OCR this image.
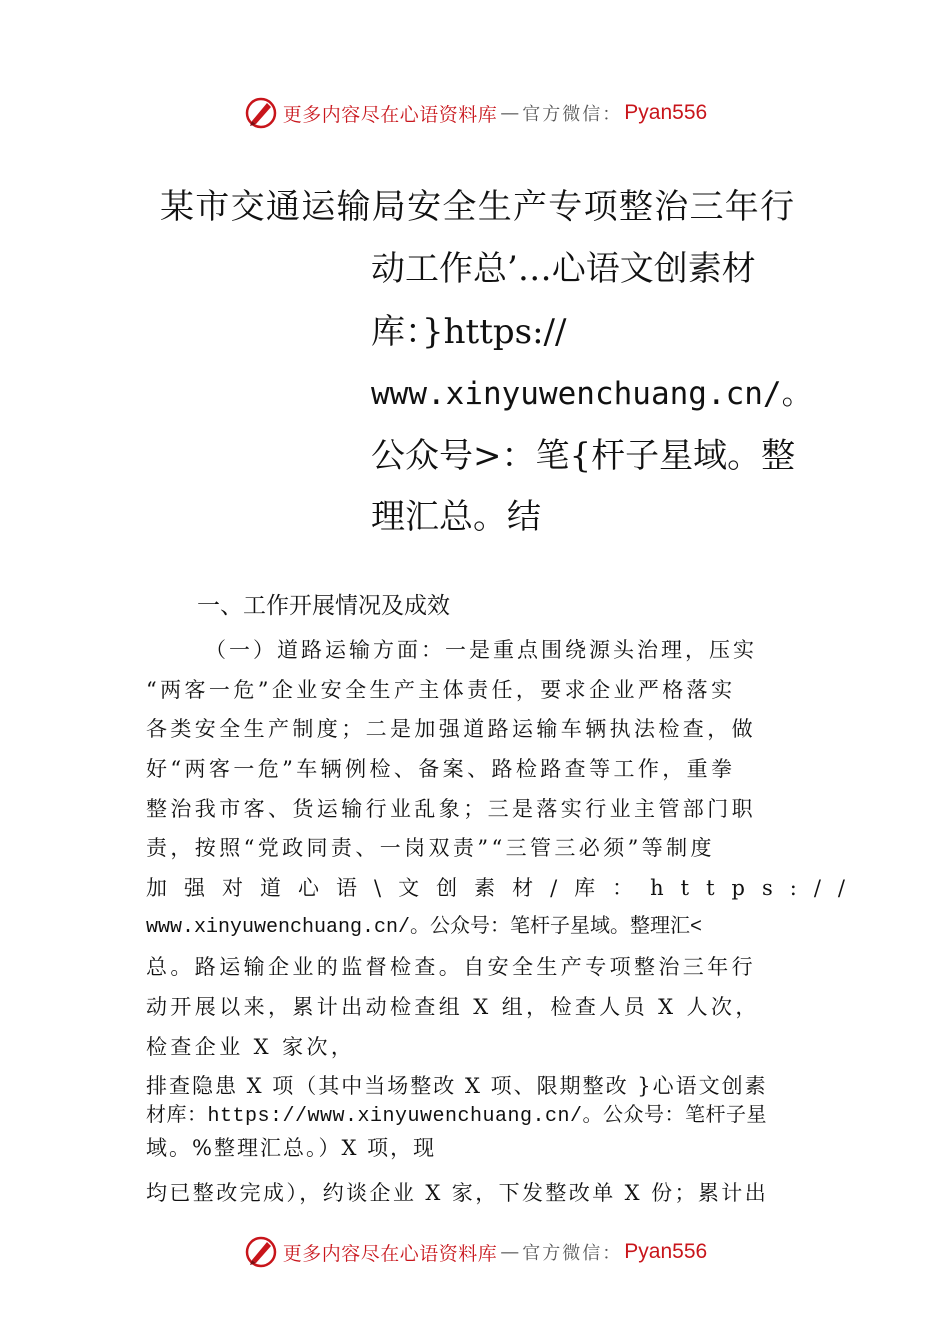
更多内容尽在心语资料库 — 官方微信： Pyan556
某市交通运输局安全生产专项整治三年行
动工作总’…心语文创素材
库：}https://
www.xinyuwenchuang.cn/。
公众号>：笔{杆子星域。整
理汇总。结
一、工作开展情况及成效
（一）道路运输方面：一是重点围绕源头治理，压实
“两客一危”企业安全生产主体责任，要求企业严格落实
各类安全生产制度；二是加强道路运输车辆执法检查，做
好“两客一危”车辆例检、备案、路检路查等工作，重拳
整治我市客、货运输行业乱象；三是落实行业主管部门职
责，按照“党政同责、一岗双责”“三管三必须”等制度
加强对道心语\文创素材/库：https://
www.xinyuwenchuang.cn/。公众号：笔杆子星域。整理汇<
总。路运输企业的监督检查。自安全生产专项整治三年行
动开展以来，累计出动检查组 X 组，检查人员 X 人次，
检查企业 X 家次，
排查隐患 X 项（其中当场整改 X 项、限期整改 }心语文创素
材库：https://www.xinyuwenchuang.cn/。公众号：笔杆子星
域。%整理汇总。）X 项，现
均已整改完成），约谈企业 X 家，下发整改单 X 份；累计出
更多内容尽在心语资料库 — 官方微信： Pyan556
